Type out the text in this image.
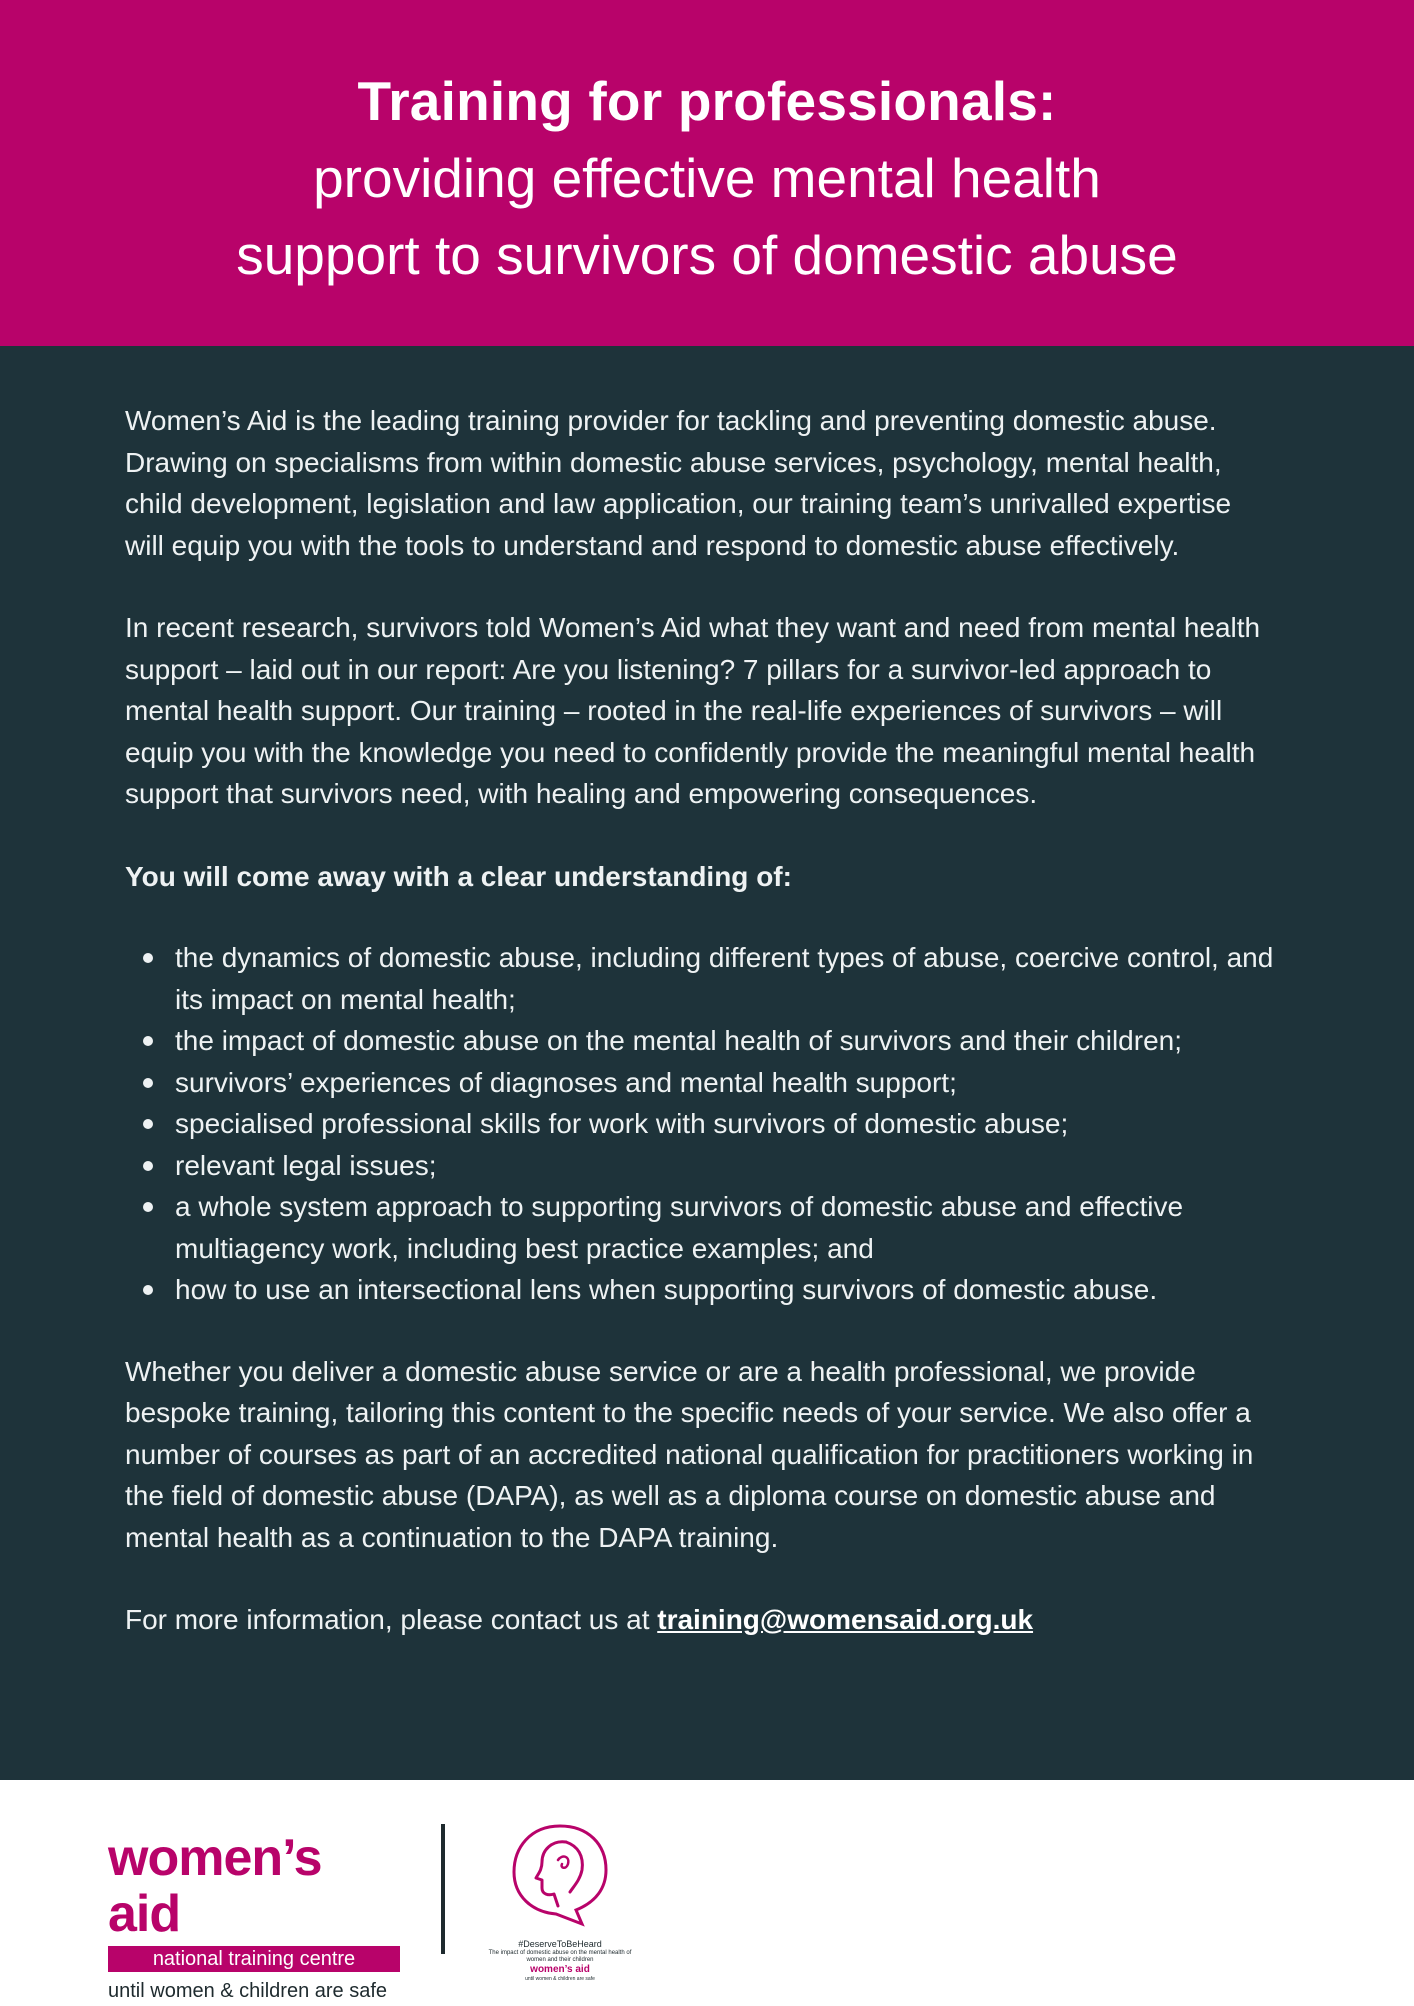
Training for professionals:
providing effective mental health
support to survivors of domestic abuse

Women’s Aid is the leading training provider for tackling and preventing domestic abuse. Drawing on specialisms from within domestic abuse services, psychology, mental health, child development, legislation and law application, our training team’s unrivalled expertise will equip you with the tools to understand and respond to domestic abuse effectively.

In recent research, survivors told Women’s Aid what they want and need from mental health support – laid out in our report: Are you listening? 7 pillars for a survivor-led approach to mental health support. Our training – rooted in the real-life experiences of survivors – will equip you with the knowledge you need to confidently provide the meaningful mental health support that survivors need, with healing and empowering consequences.

You will come away with a clear understanding of:

the dynamics of domestic abuse, including different types of abuse, coercive control, and its impact on mental health;
the impact of domestic abuse on the mental health of survivors and their children;
survivors’ experiences of diagnoses and mental health support;
specialised professional skills for work with survivors of domestic abuse;
relevant legal issues;
a whole system approach to supporting survivors of domestic abuse and effective multiagency work, including best practice examples; and
how to use an intersectional lens when supporting survivors of domestic abuse.

Whether you deliver a domestic abuse service or are a health professional, we provide bespoke training, tailoring this content to the specific needs of your service. We also offer a number of courses as part of an accredited national qualification for practitioners working in the field of domestic abuse (DAPA), as well as a diploma course on domestic abuse and mental health as a continuation to the DAPA training.

For more information, please contact us at training@womensaid.org.uk

women’s aid
national training centre
until women & children are safe
#DeserveToBeHeard
The impact of domestic abuse on the mental health of women and their children
women’s aid
until women & children are safe
